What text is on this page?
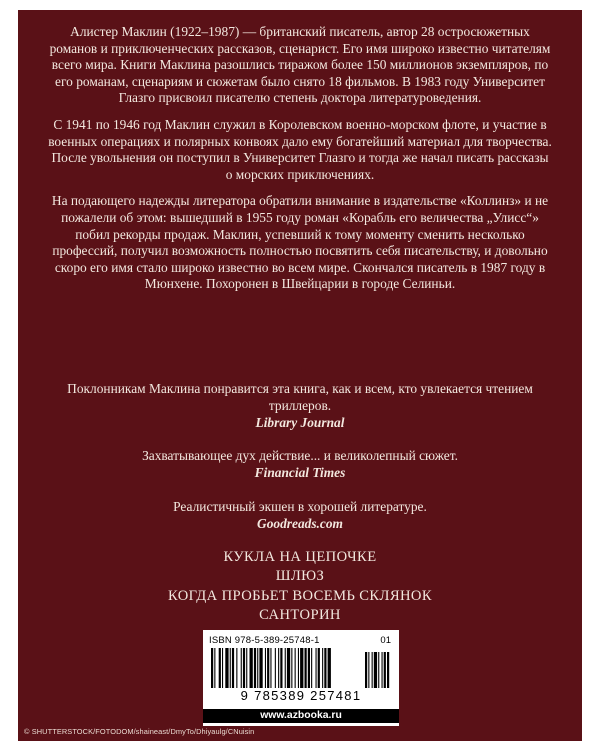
Алистер Маклин (1922–1987) — британский писатель, автор 28 остросюжетных романов и приключенческих рассказов, сценарист. Его имя широко известно читателям всего мира. Книги Маклина разошлись тиражом более 150 миллионов экземпляров, по его романам, сценариям и сюжетам было снято 18 фильмов. В 1983 году Университет Глазго присвоил писателю степень доктора литературоведения.

С 1941 по 1946 год Маклин служил в Королевском военно-морском флоте, и участие в военных операциях и полярных конвоях дало ему богатейший материал для творчества. После увольнения он поступил в Университет Глазго и тогда же начал писать рассказы о морских приключениях.

На подающего надежды литератора обратили внимание в издательстве «Коллинз» и не пожалели об этом: вышедший в 1955 году роман «Корабль его величества „Улисс“» побил рекорды продаж. Маклин, успевший к тому моменту сменить несколько профессий, получил возможность полностью посвятить себя писательству, и довольно скоро его имя стало широко известно во всем мире. Скончался писатель в 1987 году в Мюнхене. Похоронен в Швейцарии в городе Селиньи.

Поклонникам Маклина понравится эта книга, как и всем, кто увлекается чтением триллеров.
Library Journal
Захватывающее дух действие... и великолепный сюжет.
Financial Times
Реалистичный экшен в хорошей литературе.
Goodreads.com
КУКЛА НА ЦЕПОЧКЕ
ШЛЮЗ
КОГДА ПРОБЬЕТ ВОСЕМЬ СКЛЯНОК
САНТОРИН
ISBN 978-5-389-25748-1	01
9 785389 257481
www.azbooka.ru
© SHUTTERSTOCK/FOTODOM/shaineast/DmyTo/Dhiyaulg/CNuisin
